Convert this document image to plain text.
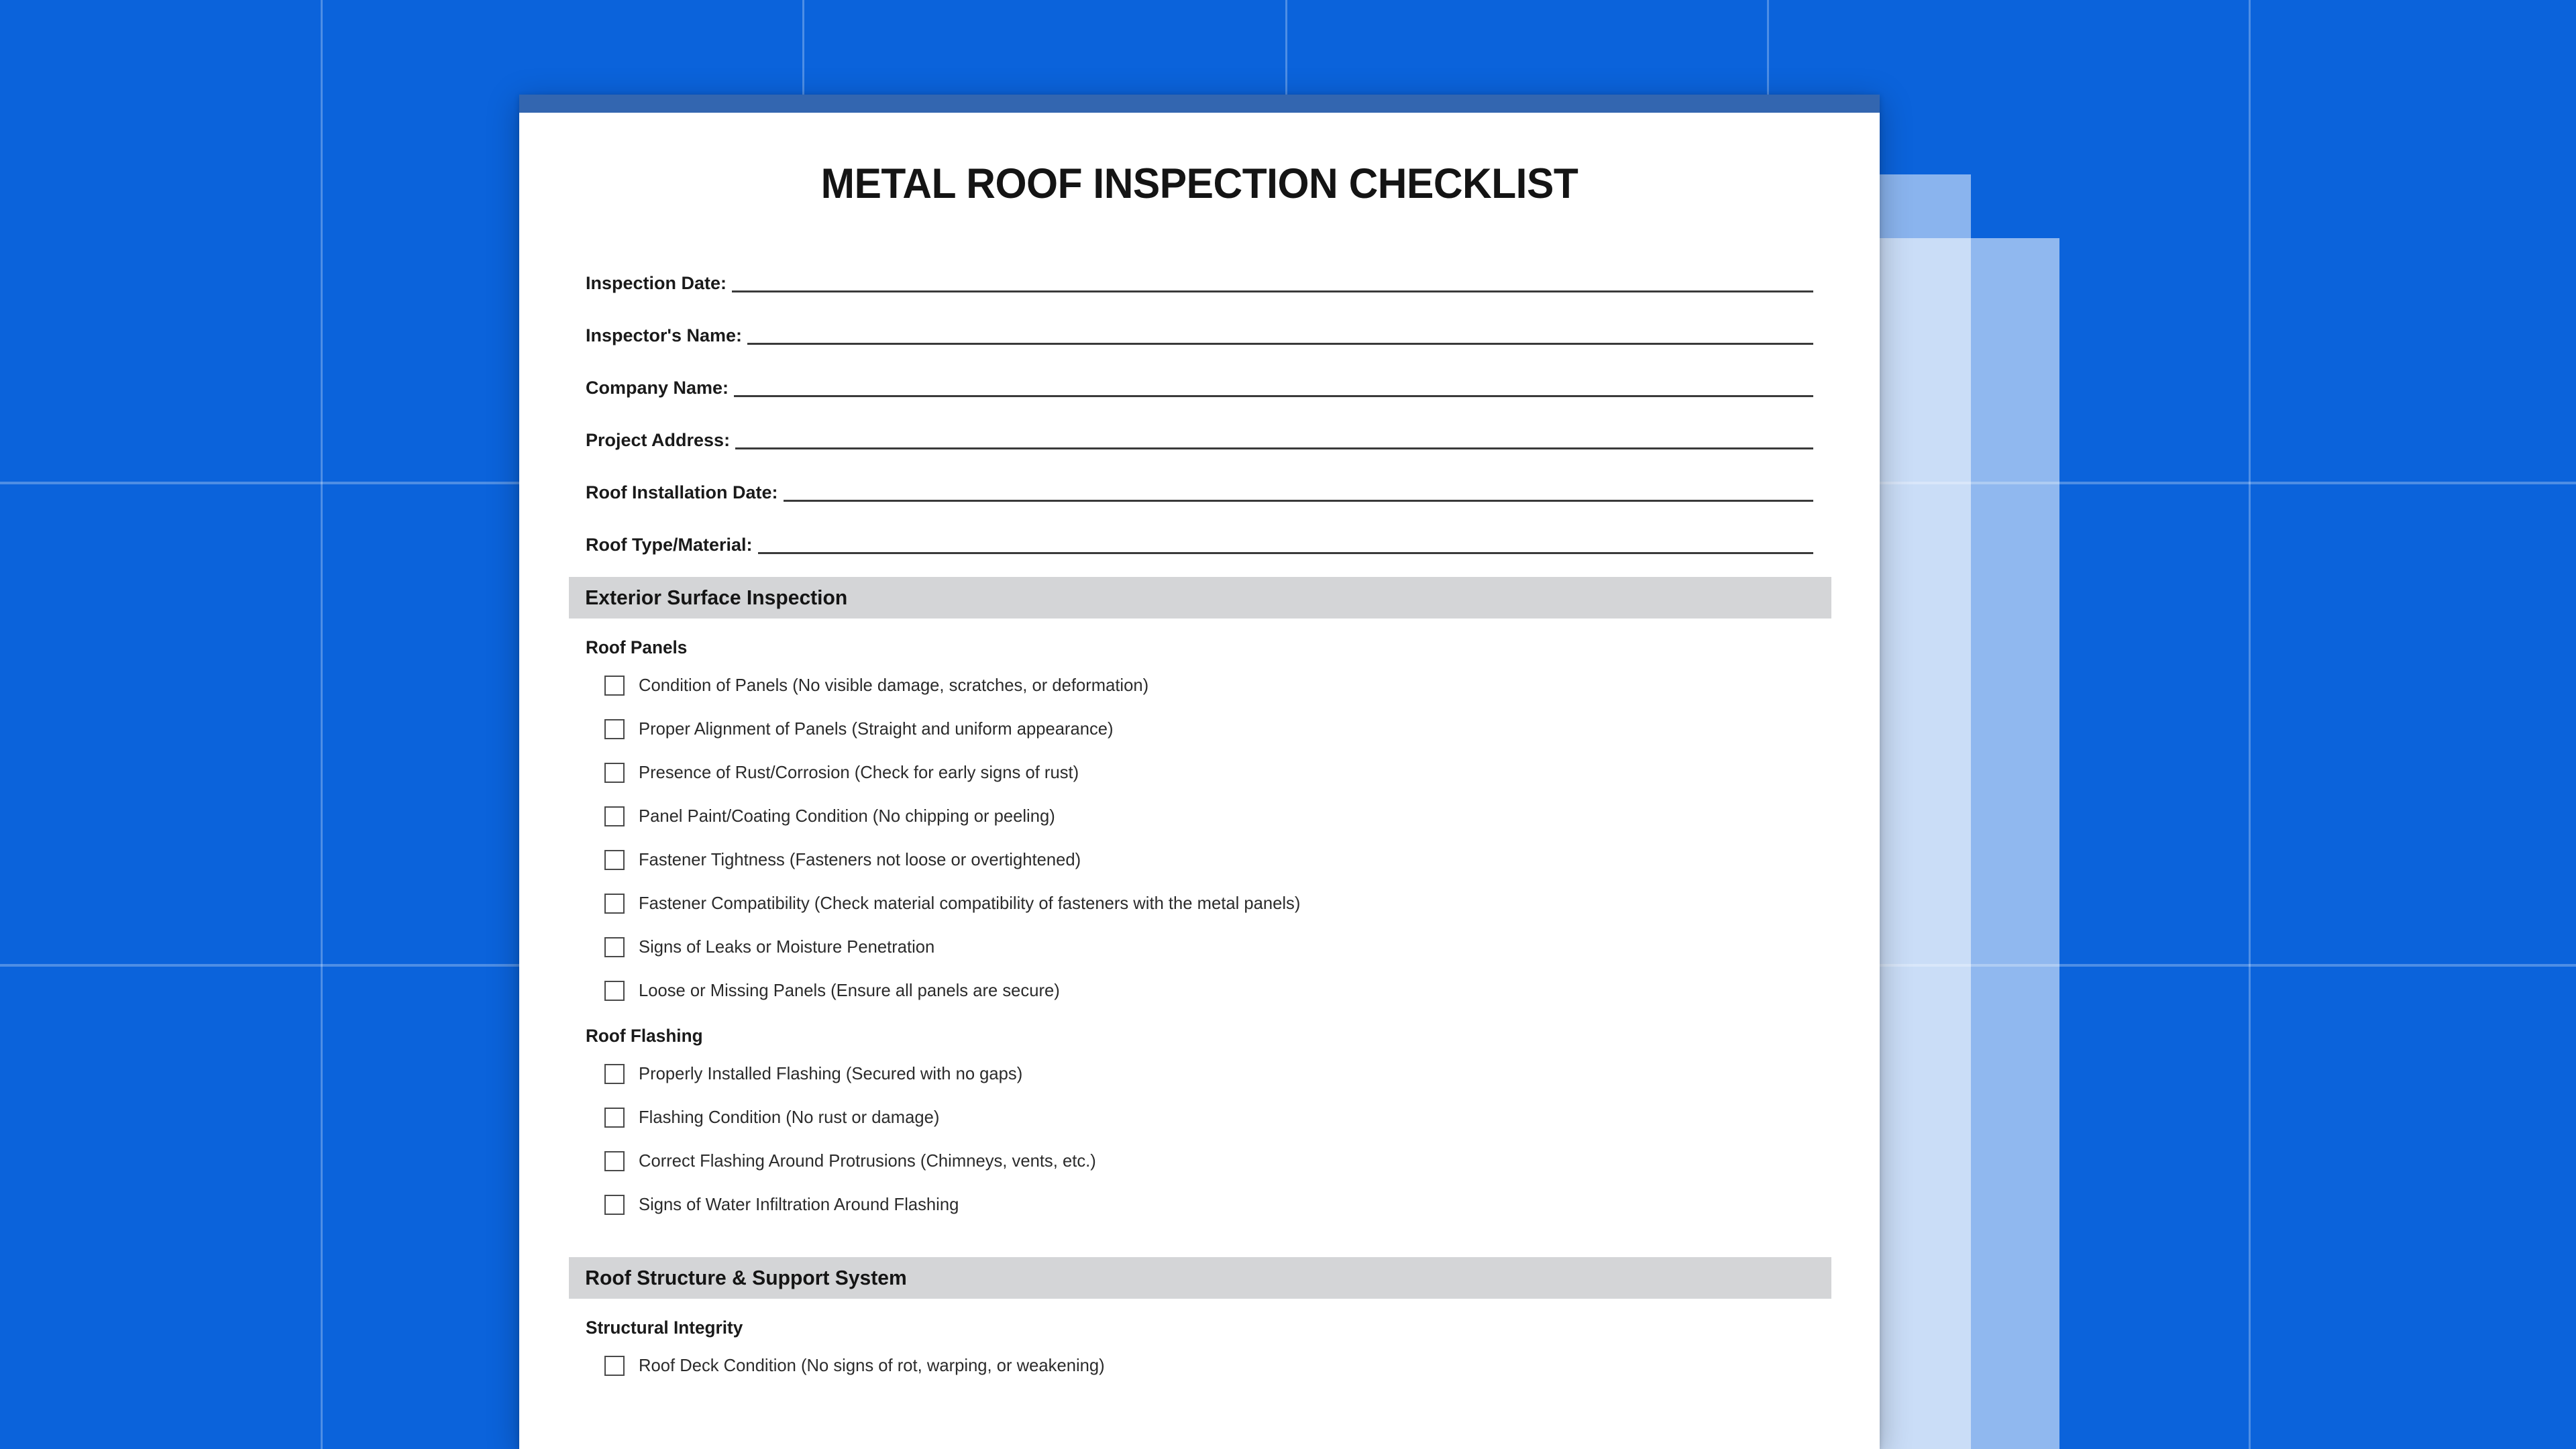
METAL ROOF INSPECTION CHECKLIST
Inspection Date:
Inspector's Name:
Company Name:
Project Address:
Roof Installation Date:
Roof Type/Material:
Exterior Surface Inspection
Roof Panels
Condition of Panels (No visible damage, scratches, or deformation)
Proper Alignment of Panels (Straight and uniform appearance)
Presence of Rust/Corrosion (Check for early signs of rust)
Panel Paint/Coating Condition (No chipping or peeling)
Fastener Tightness (Fasteners not loose or overtightened)
Fastener Compatibility (Check material compatibility of fasteners with the metal panels)
Signs of Leaks or Moisture Penetration
Loose or Missing Panels (Ensure all panels are secure)
Roof Flashing
Properly Installed Flashing (Secured with no gaps)
Flashing Condition (No rust or damage)
Correct Flashing Around Protrusions (Chimneys, vents, etc.)
Signs of Water Infiltration Around Flashing
Roof Structure & Support System
Structural Integrity
Roof Deck Condition (No signs of rot, warping, or weakening)
